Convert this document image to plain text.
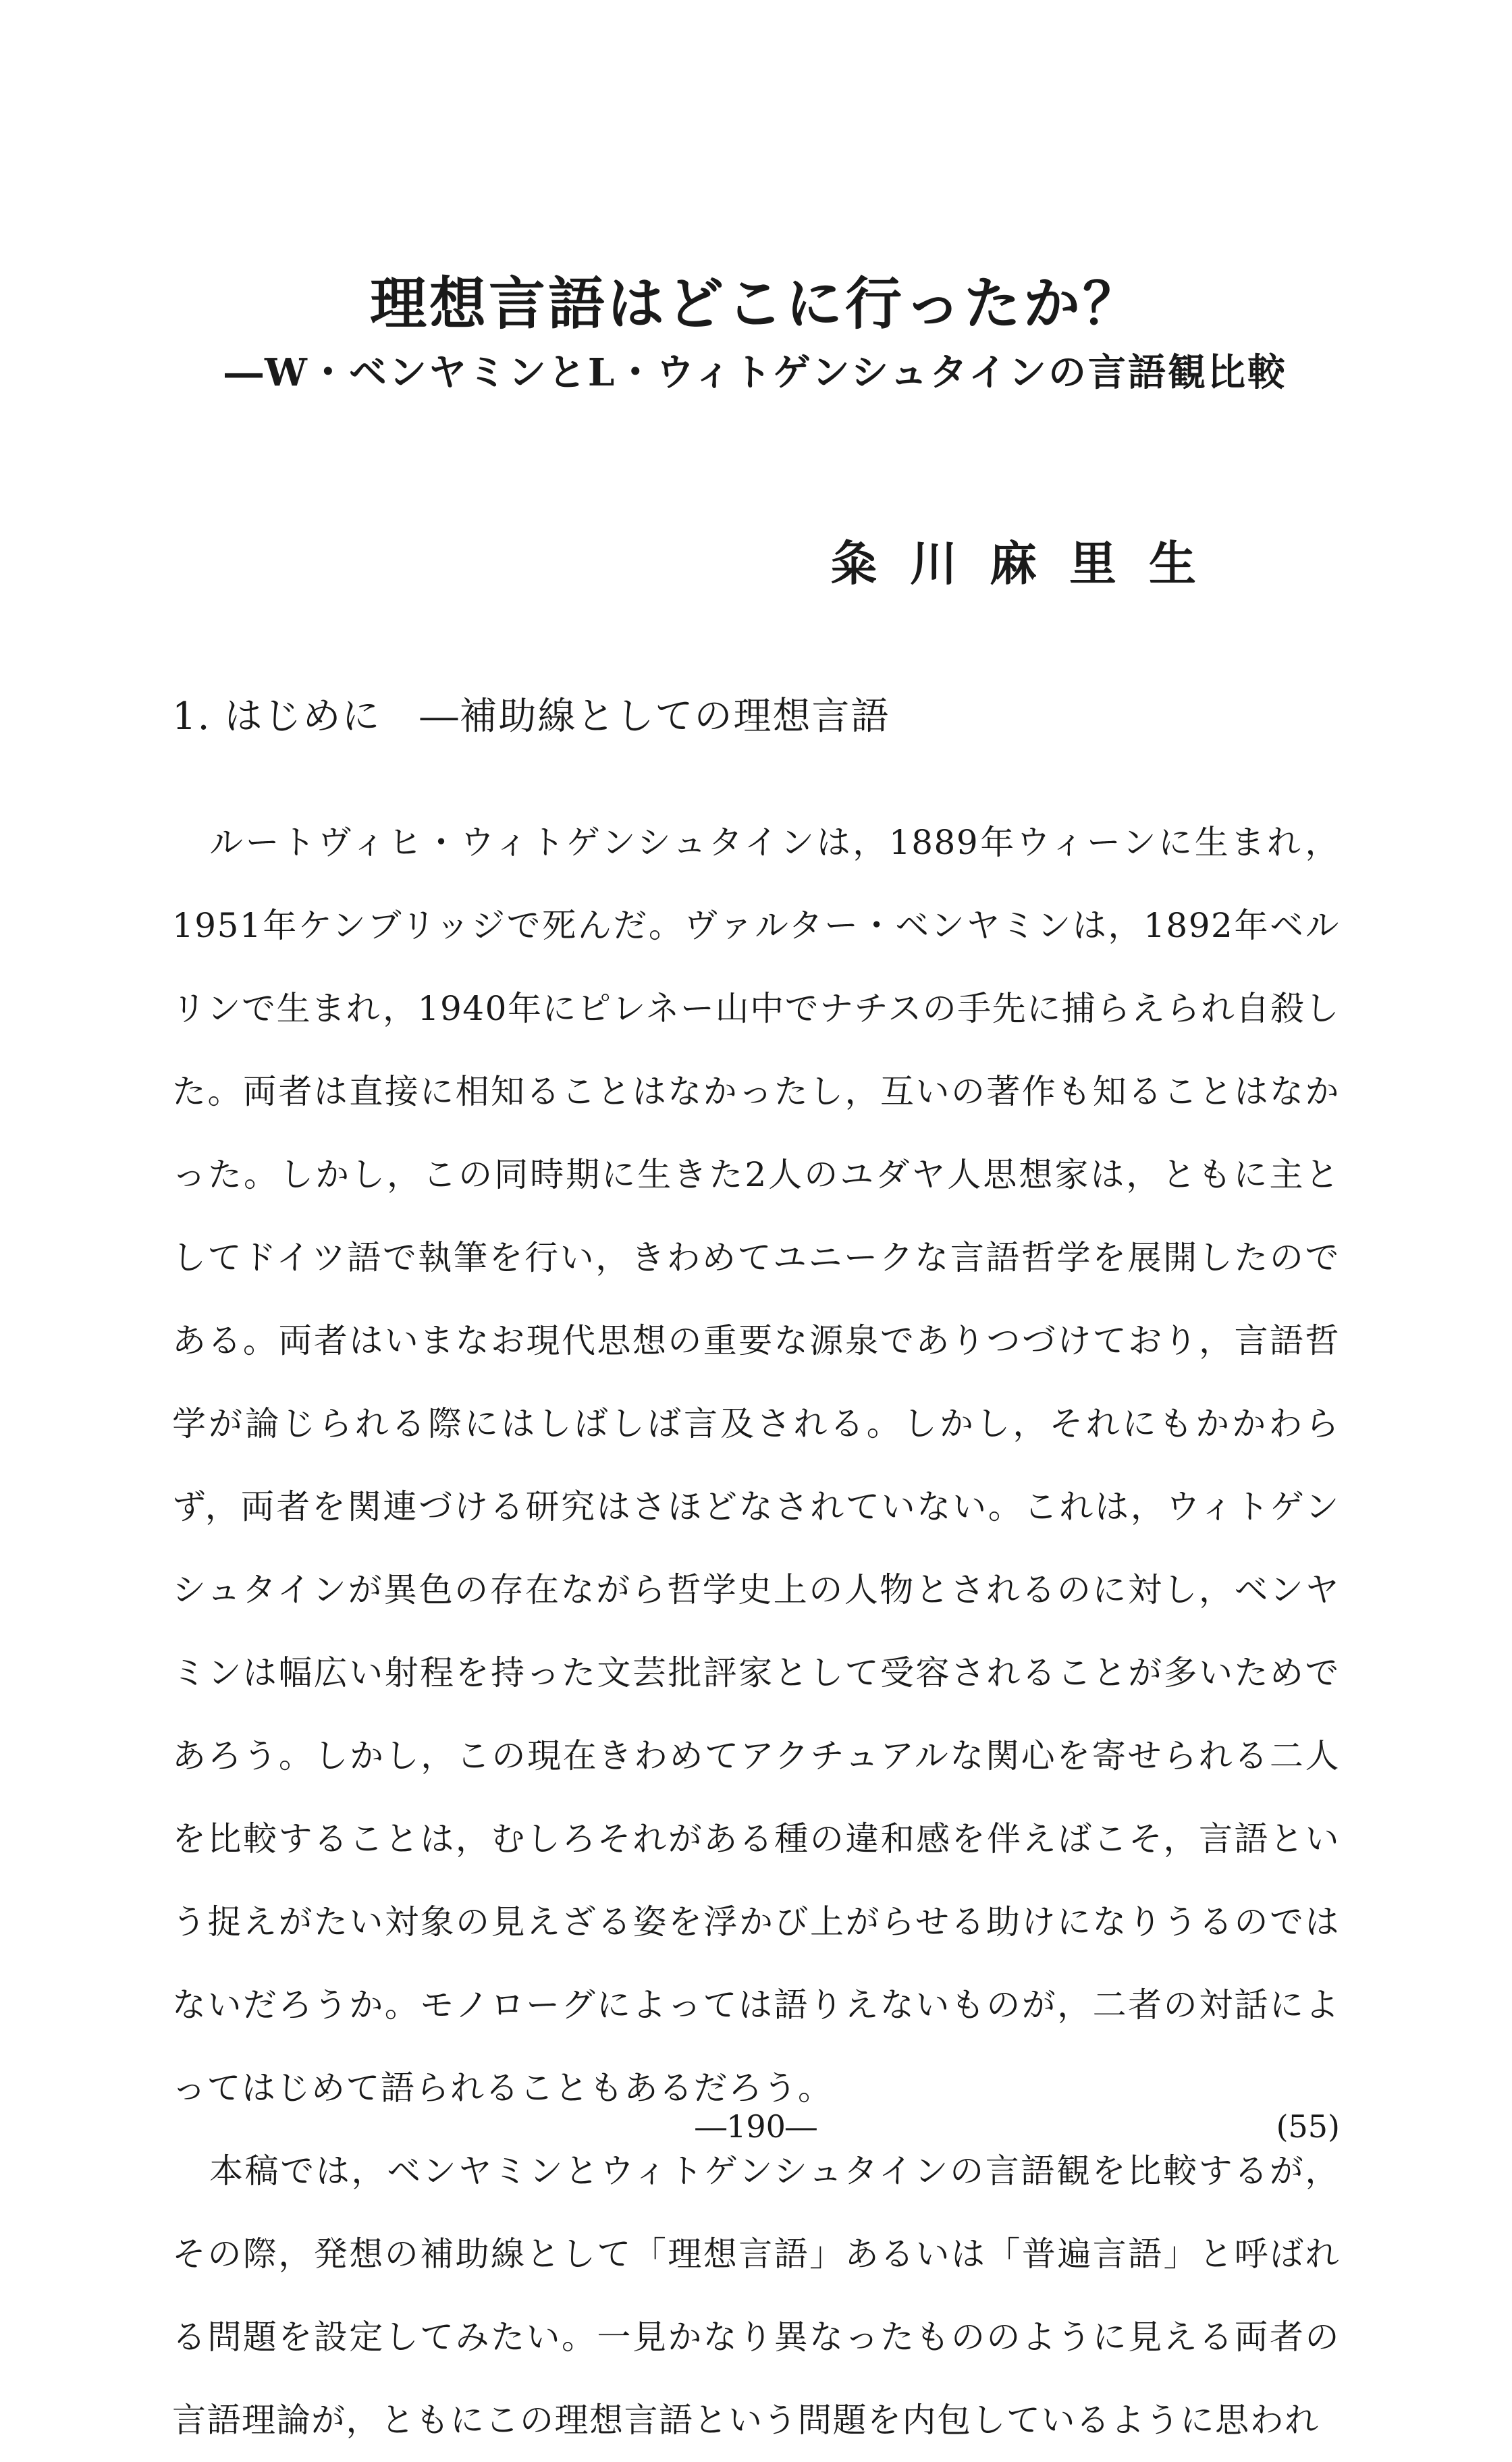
理想言語はどこに行ったか？
―W・ベンヤミンとL・ウィトゲンシュタインの言語観比較
粂川麻里生
1. はじめに　―補助線としての理想言語

ルートヴィヒ・ウィトゲンシュタインは，1889年ウィーンに生まれ，1951年ケンブリッジで死んだ。ヴァルター・ベンヤミンは，1892年ベルリンで生まれ，1940年にピレネー山中でナチスの手先に捕らえられ自殺した。両者は直接に相知ることはなかったし，互いの著作も知ることはなかった。しかし，この同時期に生きた2人のユダヤ人思想家は，ともに主としてドイツ語で執筆を行い，きわめてユニークな言語哲学を展開したのである。両者はいまなお現代思想の重要な源泉でありつづけており，言語哲学が論じられる際にはしばしば言及される。しかし，それにもかかわらず，両者を関連づける研究はさほどなされていない。これは，ウィトゲンシュタインが異色の存在ながら哲学史上の人物とされるのに対し，ベンヤミンは幅広い射程を持った文芸批評家として受容されることが多いためであろう。しかし，この現在きわめてアクチュアルな関心を寄せられる二人を比較することは，むしろそれがある種の違和感を伴えばこそ，言語という捉えがたい対象の見えざる姿を浮かび上がらせる助けになりうるのではないだろうか。モノローグによっては語りえないものが，二者の対話によってはじめて語られることもあるだろう。

本稿では，ベンヤミンとウィトゲンシュタインの言語観を比較するが，その際，発想の補助線として「理想言語」あるいは「普遍言語」と呼ばれる問題を設定してみたい。一見かなり異なったもののように見える両者の言語理論が，ともにこの理想言語という問題を内包しているように思われ

―190―	(55)
